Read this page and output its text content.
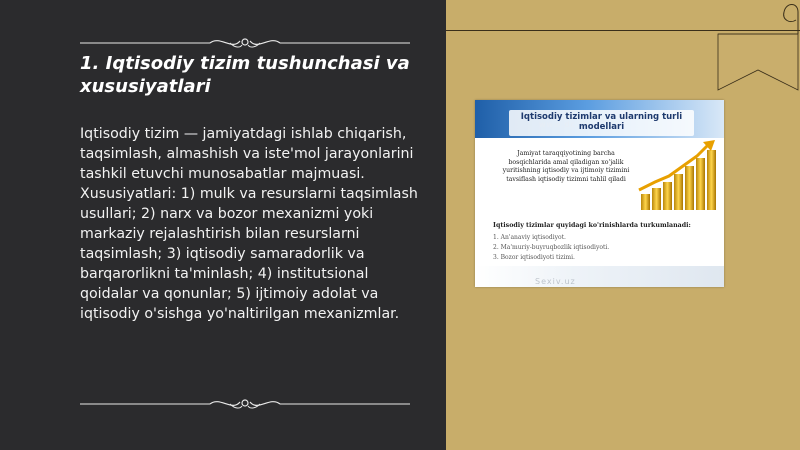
1. Iqtisodiy tizim tushunchasi va xususiyatlari
Iqtisodiy tizim — jamiyatdagi ishlab chiqarish, taqsimlash, almashish va iste'mol jarayonlarini tashkil etuvchi munosabatlar majmuasi. Xususiyatlari: 1) mulk va resurslarni taqsimlash usullari; 2) narx va bozor mexanizmi yoki markaziy rejalashtirish bilan resurslarni taqsimlash; 3) iqtisodiy samaradorlik va barqarorlikni ta'minlash; 4) institutsional qoidalar va qonunlar; 5) ijtimoiy adolat va iqtisodiy o'sishga yo'naltirilgan mexanizmlar.
Iqtisodiy tizimlar va ularning turli modellari
Jamiyat taraqqiyotining barcha bosqichlarida amal qiladigan xo'jalik yuritishning iqtisodiy va ijtimoiy tizimini tavsiflash iqtisodiy tizimni tahlil qiladi
Iqtisodiy tizimlar quyidagi ko'rinishlarda turkumlanadi:
1. An'anaviy iqtisodiyot.
2. Ma'muriy-buyruqbozlik iqtisodiyoti.
3. Bozor iqtisodiyoti tizimi.
Sexiv.uz
